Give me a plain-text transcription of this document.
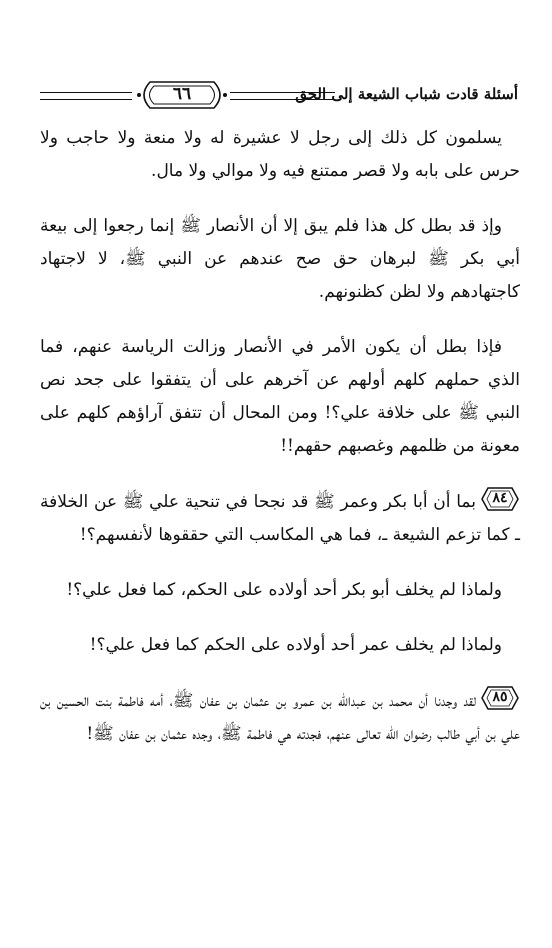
أسئلة قادت شباب الشيعة إلى الحق
٦٦

يسلمون كل ذلك إلى رجل لا عشيرة له ولا منعة ولا حاجب ولا حرس على بابه ولا قصر ممتنع فيه ولا موالي ولا مال.

وإذ قد بطل كل هذا فلم يبق إلا أن الأنصار ﷺ إنما رجعوا إلى بيعة أبي بكر ﷺ لبرهان حق صح عندهم عن النبي ﷺ، لا لاجتهاد كاجتهادهم ولا لظن كظنونهم.

فإذا بطل أن يكون الأمر في الأنصار وزالت الرياسة عنهم، فما الذي حملهم كلهم أولهم عن آخرهم على أن يتفقوا على جحد نص النبي ﷺ على خلافة علي؟! ومن المحال أن تتفق آراؤهم كلهم على معونة من ظلمهم وغصبهم حقهم!!

٨٤
بما أن أبا بكر وعمر ﷺ قد نجحا في تنحية علي ﷺ عن الخلافة ـ كما تزعم الشيعة ـ، فما هي المكاسب التي حققوها لأنفسهم؟!

ولماذا لم يخلف أبو بكر أحد أولاده على الحكم، كما فعل علي؟!

ولماذا لم يخلف عمر أحد أولاده على الحكم كما فعل علي؟!

٨٥
لقد وجدنا أن محمد بن عبدالله بن عمرو بن عثمان بن عفان ﷺ، أمه فاطمة بنت الحسين بن علي بن أبي طالب رضوان الله تعالى عنهم، فجدته هي فاطمة ﷺ، وجده عثمان بن عفان ﷺ!
